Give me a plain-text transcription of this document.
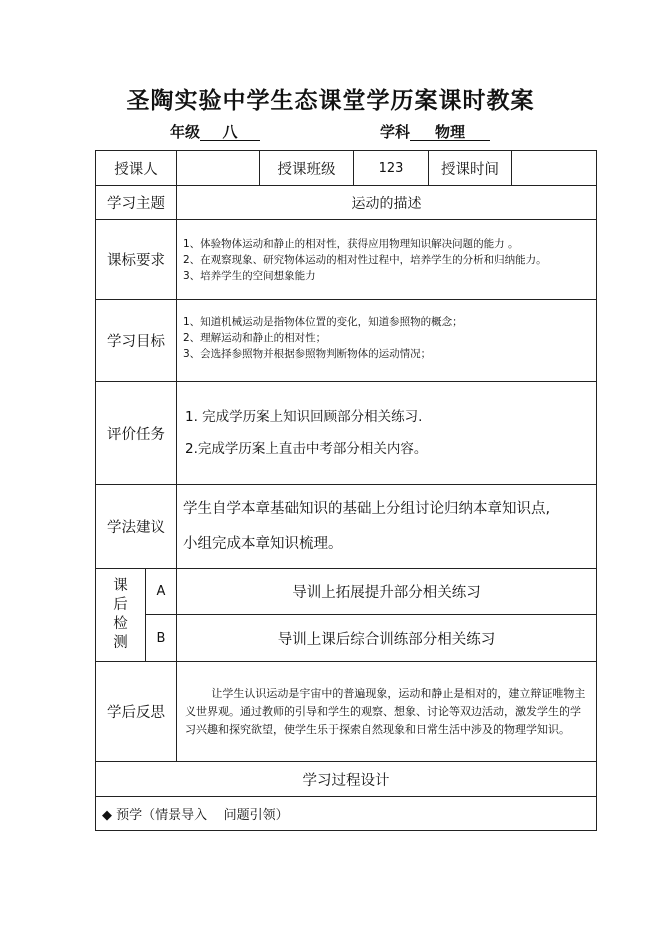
圣陶实验中学生态课堂学历案课时教案
年级 八	学科 物理
授课人			授课班级	123	授课时间	
学习主题		运动的描述				
课标要求		1、体验物体运动和静止的相对性，获得应用物理知识解决问题的能力 。
2、在观察现象、研究物体运动的相对性过程中，培养学生的分析和归纳能力。
3、培养学生的空间想象能力				

学习目标		1、知道机械运动是指物体位置的变化，知道参照物的概念；
2、理解运动和静止的相对性；
3、会选择参照物并根据参照物判断物体的运动情况；				

评价任务		1. 完成学历案上知识回顾部分相关练习.
2.完成学历案上直击中考部分相关内容。				

学法建议		学生自学本章基础知识的基础上分组讨论归纳本章知识点,
小组完成本章知识梳理。				

课
后
检
测	A	导训上拓展提升部分相关练习				
	B	导训上课后综合训练部分相关练习				
学后反思		让学生认识运动是宇宙中的普遍现象，运动和静止是相对的，建立辩证唯物主义世界观。通过教师的引导和学生的观察、想象、讨论等双边活动，激发学生的学习兴趣和探究欲望，使学生乐于探索自然现象和日常生活中涉及的物理学知识。				
学习过程设计						
◆ 预学（情景导入    问题引领）						
